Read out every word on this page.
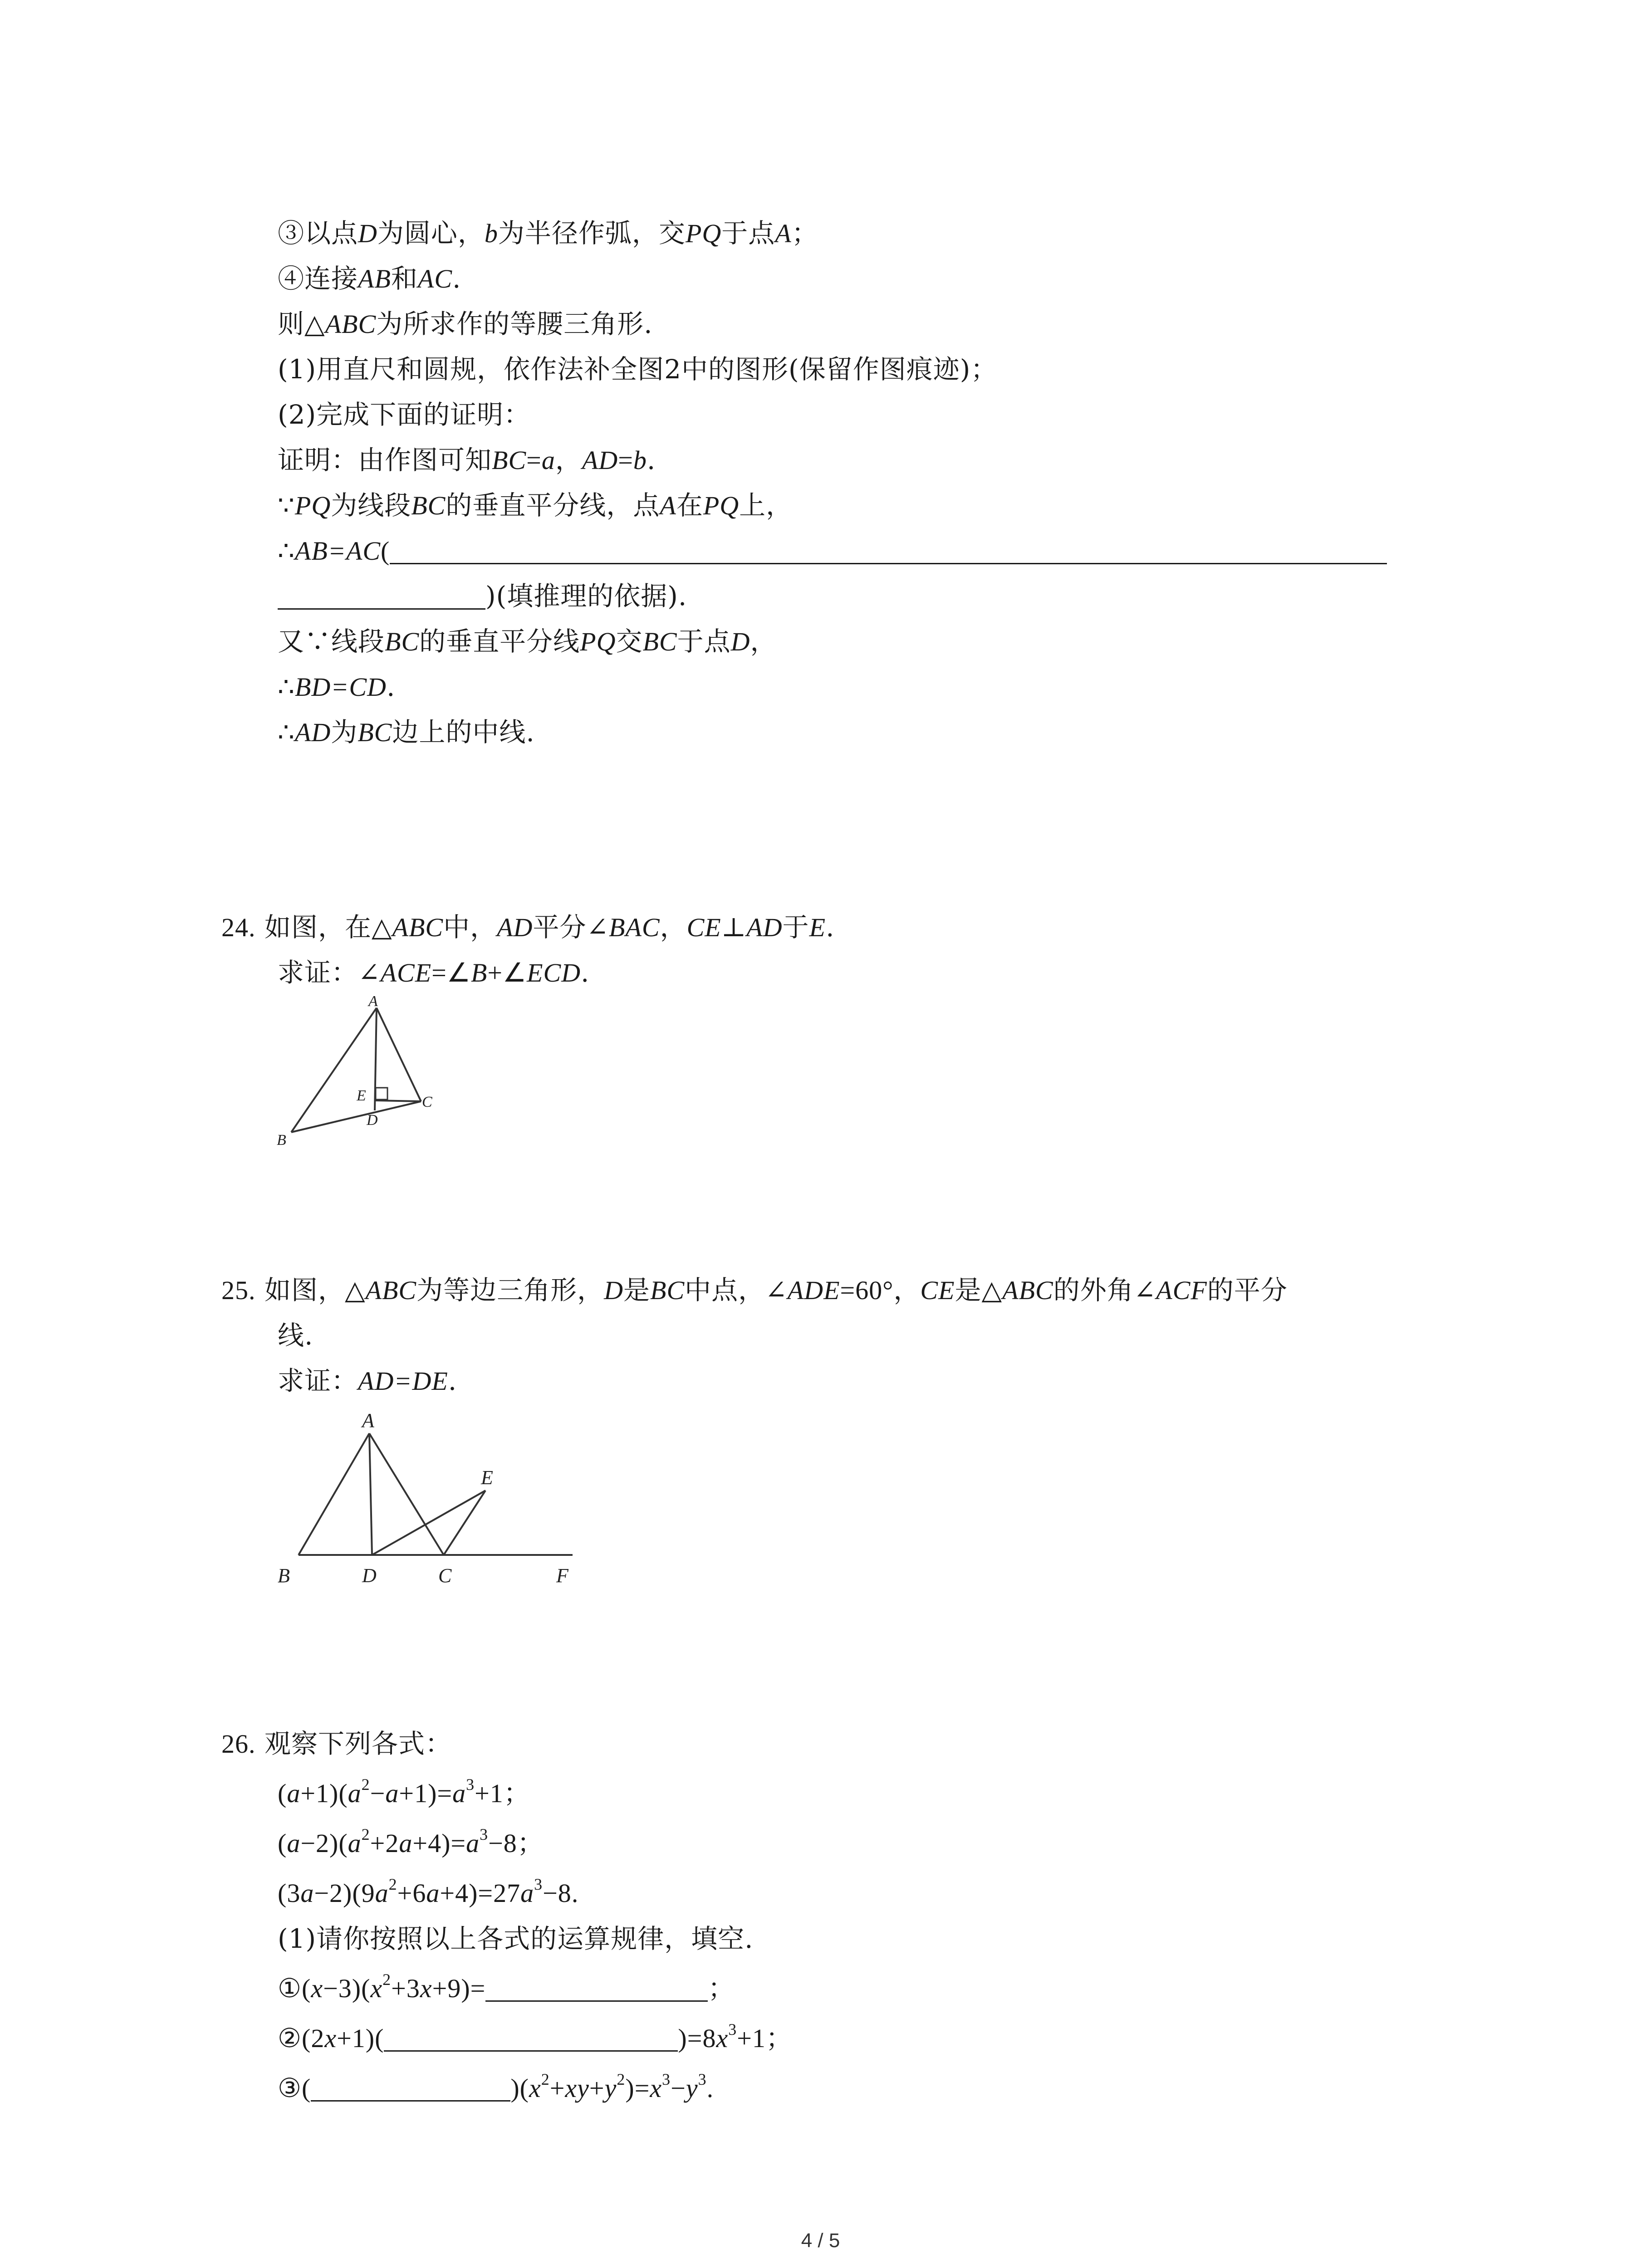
③以点D为圆心，b为半径作弧，交PQ于点A；
④连接AB和AC.
则△ABC为所求作的等腰三角形.
(1)用直尺和圆规，依作法补全图2中的图形(保留作图痕迹)；
(2)完成下面的证明：
证明：由作图可知BC=a，AD=b.
∵PQ为线段BC的垂直平分线，点A在PQ上，
∴AB=AC(
)(填推理的依据).
又∵线段BC的垂直平分线PQ交BC于点D，
∴BD=CD.
∴AD为BC边上的中线.
24. 如图，在△ABC中，AD平分∠BAC，CE⊥AD于E.
求证：∠ACE=∠B+∠ECD.
A
B
C
E
D
25. 如图，△ABC为等边三角形，D是BC中点，∠ADE=60°，CE是△ABC的外角∠ACF的平分
线.
求证：AD=DE.
A
B	D	C
E
F
26. 观察下列各式：
$(a+1)(a^2-a+1)=a^3+1$；
$(a-2)(a^2+2a+4)=a^3-8$；
$(3a-2)(9a^2+6a+4)=27a^3-8$.
(1)请你按照以上各式的运算规律，填空.
$①(x-3)(x^2+3x+9)=$	；
②(2x+1)(	)$=8x^3+1$；
③(	)$(x^2+xy+y^2)=x^3-y^3$.
4 / 5
